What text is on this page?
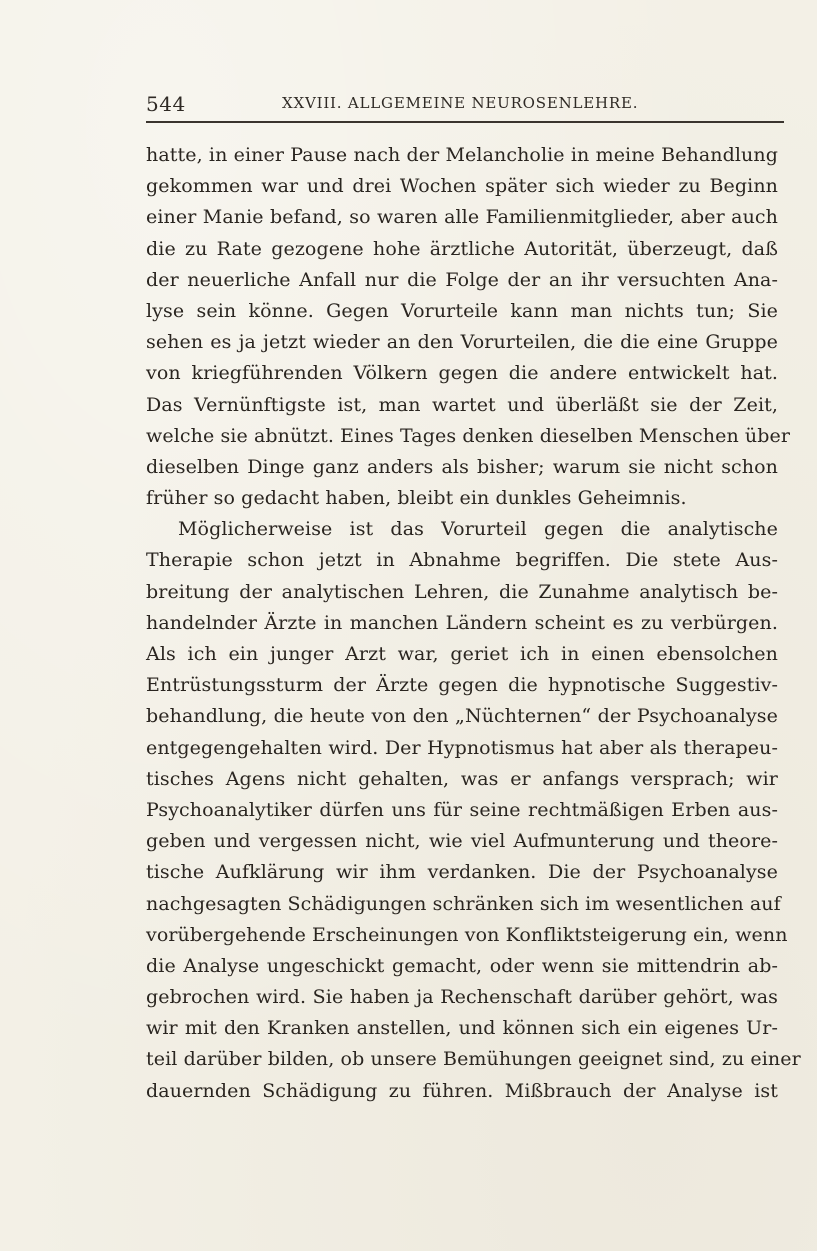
544	XXVIII. ALLGEMEINE NEUROSENLEHRE.
hatte, in einer Pause nach der Melancholie in meine Behandlung
gekommen war und drei Wochen später sich wieder zu Beginn
einer Manie befand, so waren alle Familienmitglieder, aber auch
die zu Rate gezogene hohe ärztliche Autorität, überzeugt, daß
der neuerliche Anfall nur die Folge der an ihr versuchten Ana-
lyse sein könne. Gegen Vorurteile kann man nichts tun; Sie
sehen es ja jetzt wieder an den Vorurteilen, die die eine Gruppe
von kriegführenden Völkern gegen die andere entwickelt hat.
Das Vernünftigste ist, man wartet und überläßt sie der Zeit,
welche sie abnützt. Eines Tages denken dieselben Menschen über
dieselben Dinge ganz anders als bisher; warum sie nicht schon
früher so gedacht haben, bleibt ein dunkles Geheimnis.
Möglicherweise ist das Vorurteil gegen die analytische
Therapie schon jetzt in Abnahme begriffen. Die stete Aus-
breitung der analytischen Lehren, die Zunahme analytisch be-
handelnder Ärzte in manchen Ländern scheint es zu verbürgen.
Als ich ein junger Arzt war, geriet ich in einen ebensolchen
Entrüstungssturm der Ärzte gegen die hypnotische Suggestiv-
behandlung, die heute von den „Nüchternen“ der Psychoanalyse
entgegengehalten wird. Der Hypnotismus hat aber als therapeu-
tisches Agens nicht gehalten, was er anfangs versprach; wir
Psychoanalytiker dürfen uns für seine rechtmäßigen Erben aus-
geben und vergessen nicht, wie viel Aufmunterung und theore-
tische Aufklärung wir ihm verdanken. Die der Psychoanalyse
nachgesagten Schädigungen schränken sich im wesentlichen auf
vorübergehende Erscheinungen von Konfliktsteigerung ein, wenn
die Analyse ungeschickt gemacht, oder wenn sie mittendrin ab-
gebrochen wird. Sie haben ja Rechenschaft darüber gehört, was
wir mit den Kranken anstellen, und können sich ein eigenes Ur-
teil darüber bilden, ob unsere Bemühungen geeignet sind, zu einer
dauernden Schädigung zu führen. Mißbrauch der Analyse ist
